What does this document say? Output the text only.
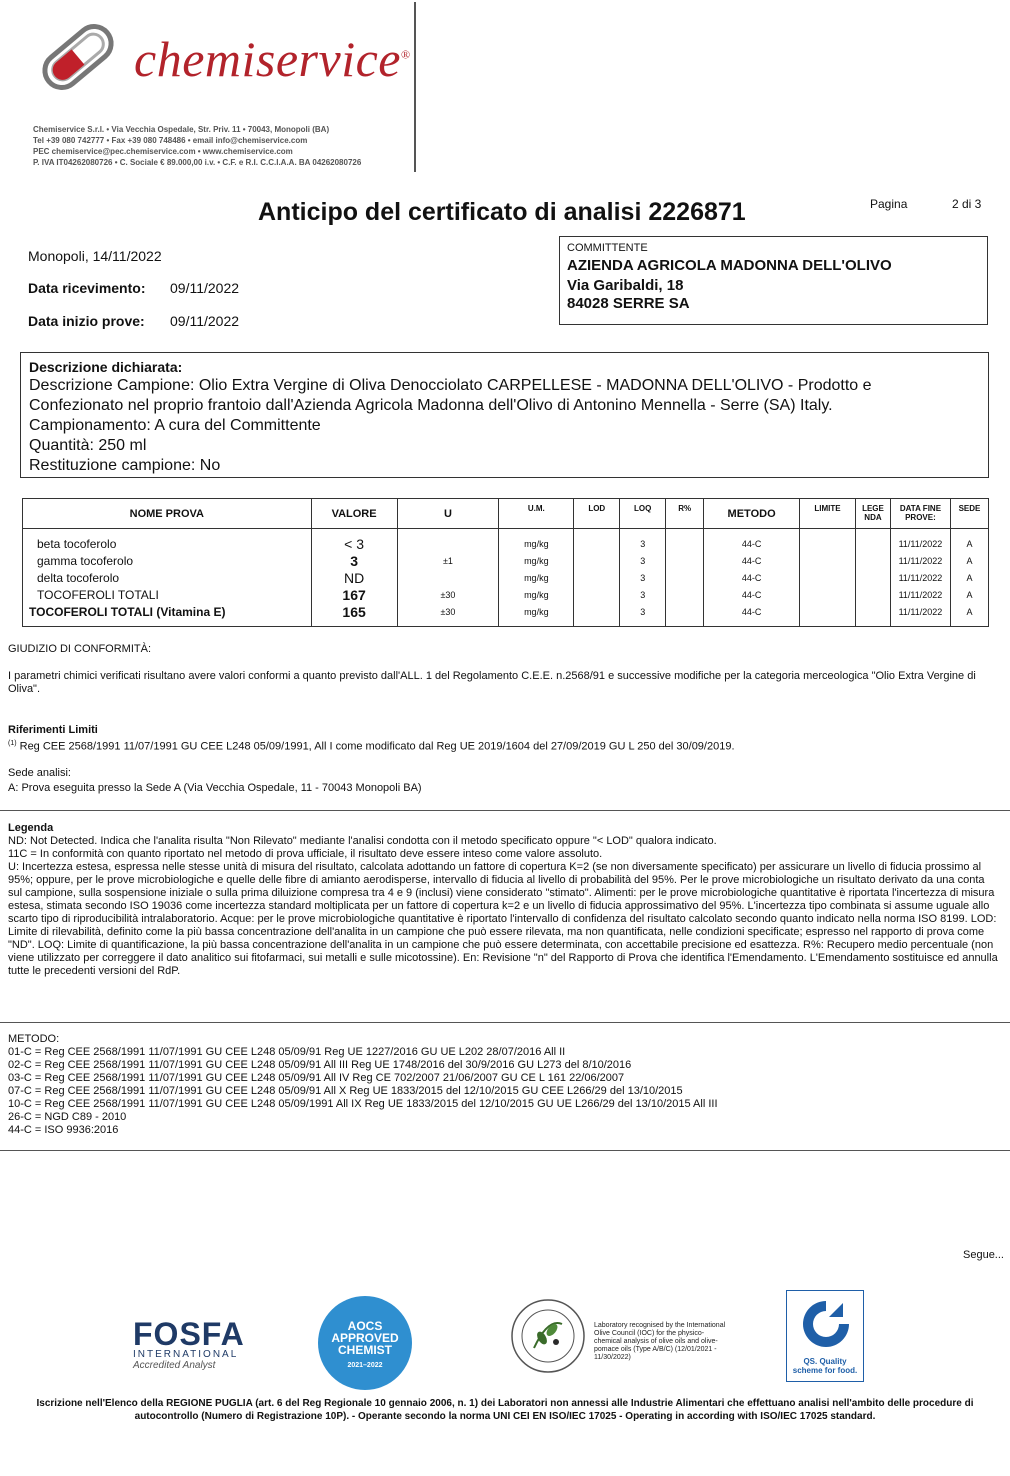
chemiservice®
Chemiservice S.r.l. • Via Vecchia Ospedale, Str. Priv. 11 • 70043, Monopoli (BA)
Tel +39 080 742777 • Fax +39 080 748486 • email info@chemiservice.com
PEC chemiservice@pec.chemiservice.com • www.chemiservice.com
P. IVA IT04262080726 • C. Sociale € 89.000,00 i.v. • C.F. e R.I. C.C.I.A.A. BA 04262080726
Anticipo del certificato di analisi 2226871	Pagina	2 di 3
Monopoli, 14/11/2022
Data ricevimento: 09/11/2022
Data inizio prove: 09/11/2022
COMMITTENTE
AZIENDA AGRICOLA MADONNA DELL'OLIVO
Via Garibaldi, 18
84028 SERRE SA
Descrizione dichiarata:
Descrizione Campione: Olio Extra Vergine di Oliva Denocciolato CARPELLESE - MADONNA DELL'OLIVO - Prodotto e
Confezionato nel proprio frantoio dall'Azienda Agricola Madonna dell'Olivo di Antonino Mennella - Serre (SA) Italy.
Campionamento: A cura del Committente
Quantità: 250 ml
Restituzione campione: No
NOME PROVA	VALORE	U	U.M.	LOD	LOQ	R%	METODO	LIMITE	LEGE NDA	DATA FINE PROVE:	SEDE

beta tocoferolo	< 3		mg/kg		3		44-C			11/11/2022	A
gamma tocoferolo	3	±1	mg/kg		3		44-C			11/11/2022	A
delta tocoferolo	ND		mg/kg		3		44-C			11/11/2022	A
TOCOFEROLI TOTALI	167	±30	mg/kg		3		44-C			11/11/2022	A
TOCOFEROLI TOTALI (Vitamina E)	165	±30	mg/kg		3		44-C			11/11/2022	A

GIUDIZIO DI CONFORMITÀ:
I parametri chimici verificati risultano avere valori conformi a quanto previsto dall'ALL. 1 del Regolamento C.E.E. n.2568/91 e successive modifiche per la categoria merceologica "Olio Extra Vergine di Oliva".
Riferimenti Limiti
$^{(1)}$ Reg CEE 2568/1991 11/07/1991 GU CEE L248 05/09/1991, All I come modificato dal Reg UE 2019/1604 del 27/09/2019 GU L 250 del 30/09/2019.
Sede analisi:
A: Prova eseguita presso la Sede A (Via Vecchia Ospedale, 11 - 70043 Monopoli BA)
Legenda
ND: Not Detected. Indica che l'analita risulta "Non Rilevato" mediante l'analisi condotta con il metodo specificato oppure "< LOD" qualora indicato.
11C = In conformità con quanto riportato nel metodo di prova ufficiale, il risultato deve essere inteso come valore assoluto.
U: Incertezza estesa, espressa nelle stesse unità di misura del risultato, calcolata adottando un fattore di copertura K=2 (se non diversamente specificato) per assicurare un livello di fiducia prossimo al 95%; oppure, per le prove microbiologiche e quelle delle fibre di amianto aerodisperse, intervallo di fiducia al livello di probabilità del 95%. Per le prove microbiologiche un risultato derivato da una conta sul campione, sulla sospensione iniziale o sulla prima diluizione compresa tra 4 e 9 (inclusi) viene considerato "stimato". Alimenti: per le prove microbiologiche quantitative è riportata l'incertezza di misura estesa, stimata secondo ISO 19036 come incertezza standard moltiplicata per un fattore di copertura k=2 e un livello di fiducia approssimativo del 95%. L'incertezza tipo combinata si assume uguale allo scarto tipo di riproducibilità intralaboratorio. Acque: per le prove microbiologiche quantitative è riportato l'intervallo di confidenza del risultato calcolato secondo quanto indicato nella norma ISO 8199. LOD: Limite di rilevabilità, definito come la più bassa concentrazione dell'analita in un campione che può essere rilevata, ma non quantificata, nelle condizioni specificate; espresso nel rapporto di prova come "ND". LOQ: Limite di quantificazione, la più bassa concentrazione dell'analita in un campione che può essere determinata, con accettabile precisione ed esattezza. R%: Recupero medio percentuale (non viene utilizzato per correggere il dato analitico sui fitofarmaci, sui metalli e sulle micotossine). En: Revisione "n" del Rapporto di Prova che identifica l'Emendamento. L'Emendamento sostituisce ed annulla tutte le precedenti versioni del RdP.
METODO:
01-C = Reg CEE 2568/1991 11/07/1991 GU CEE L248 05/09/91 Reg UE 1227/2016 GU UE L202 28/07/2016 All II
02-C = Reg CEE 2568/1991 11/07/1991 GU CEE L248 05/09/91 All III Reg UE 1748/2016 del 30/9/2016 GU L273 del 8/10/2016
03-C = Reg CEE 2568/1991 11/07/1991 GU CEE L248 05/09/91 All IV Reg CE 702/2007 21/06/2007 GU CE L 161 22/06/2007
07-C = Reg CEE 2568/1991 11/07/1991 GU CEE L248 05/09/91 All X Reg UE 1833/2015 del 12/10/2015 GU CEE L266/29 del 13/10/2015
10-C = Reg CEE 2568/1991 11/07/1991 GU CEE L248 05/09/1991 All IX Reg UE 1833/2015 del 12/10/2015 GU UE L266/29 del 13/10/2015 All III
26-C = NGD C89 - 2010
44-C = ISO 9936:2016
Segue...
FOSFA
INTERNATIONAL
Accredited Analyst
AOCS
APPROVED
CHEMIST
2021–2022
Laboratory recognised by the International Olive Council (IOC) for the physico-chemical analysis of olive oils and olive-pomace oils (Type A/B/C) (12/01/2021 - 11/30/2022)	QS. Quality
scheme for food.
Iscrizione nell'Elenco della REGIONE PUGLIA (art. 6 del Reg Regionale 10 gennaio 2006, n. 1) dei Laboratori non annessi alle Industrie Alimentari che effettuano analisi nell'ambito delle procedure di autocontrollo (Numero di Registrazione 10P). - Operante secondo la norma UNI CEI EN ISO/IEC 17025 - Operating in according with ISO/IEC 17025 standard.
